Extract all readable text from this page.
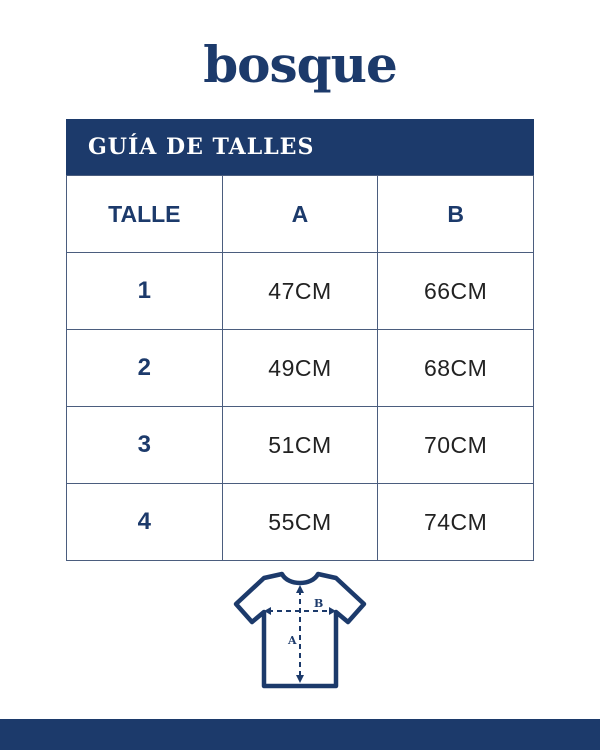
bosque
GUÍA DE TALLES
TALLE	A	B
1	47CM	66CM
2	49CM	68CM
3	51CM	70CM
4	55CM	74CM
B
A
